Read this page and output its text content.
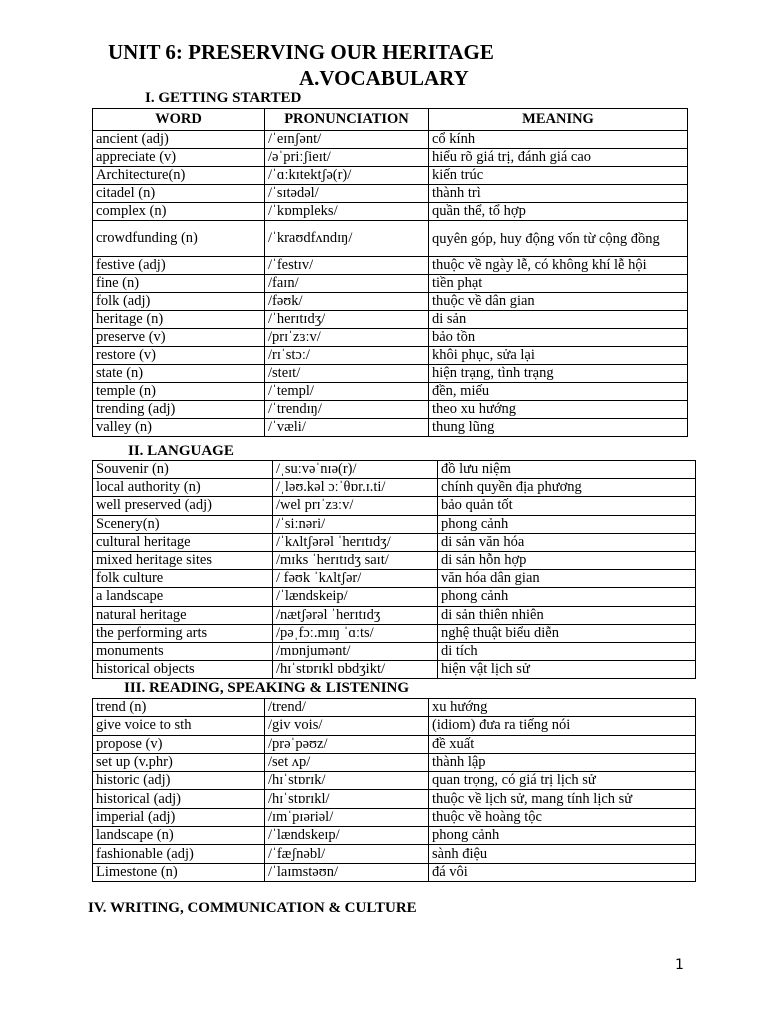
UNIT 6: PRESERVING OUR HERITAGE
A.VOCABULARY
I. GETTING STARTED
WORD	PRONUNCIATION	MEANING
ancient (adj)	/ˈeɪnʃənt/	cổ kính
appreciate (v)	/əˈpriːʃieɪt/	hiểu rõ giá trị, đánh giá cao
Architecture(n)	/ˈɑːkɪtektʃə(r)/	kiến trúc
citadel (n)	/ˈsɪtədəl/	thành trì
complex (n)	/ˈkɒmpleks/	quần thể, tổ hợp
crowdfunding (n)	/ˈkraʊdfʌndɪŋ/	quyên góp, huy động vốn từ cộng đồng
festive (adj)	/ˈfestɪv/	thuộc về ngày lễ, có không khí lễ hội
fine (n)	/faɪn/	tiền phạt
folk (adj)	/fəʊk/	thuộc về dân gian
heritage (n)	/ˈherɪtɪdʒ/	di sản
preserve (v)	/prɪˈzɜːv/	bảo tồn
restore (v)	/rɪˈstɔː/	khôi phục, sửa lại
state (n)	/steɪt/	hiện trạng, tình trạng
temple (n)	/ˈtempl/	đền, miếu
trending (adj)	/ˈtrendɪŋ/	theo xu hướng
valley (n)	/ˈvæli/	thung lũng
II. LANGUAGE
Souvenir (n)	/ˌsuːvəˈnɪə(r)/	đồ lưu niệm
local authority (n)	/ˌləʊ.kəl ɔːˈθɒr.ɪ.ti/	chính quyền địa phương
well preserved (adj)	/wel prɪˈzɜːv/	bảo quản tốt
Scenery(n)	/ˈsiːnəri/	phong cảnh
cultural heritage	/ˈkʌltʃərəl ˈherɪtɪdʒ/	di sản văn hóa
mixed heritage sites	/mɪks ˈherɪtɪdʒ saɪt/	di sản hỗn hợp
folk culture	/ fəʊk ˈkʌltʃər/	văn hóa dân gian
a landscape	/ˈlændskeip/	phong cảnh
natural heritage	/nætʃərəl ˈherɪtɪdʒ	di sản thiên nhiên
the performing arts	/pəˌfɔː.mɪŋ ˈɑːts/	nghệ thuật biểu diễn
monuments	/mɒnjumənt/	di tích
historical objects	/hɪˈstɒrɪkl ɒbdʒikt/	hiện vật lịch sử
III. READING, SPEAKING & LISTENING
trend (n)	/trend/	xu hướng
give voice to sth	/giv vois/	(idiom) đưa ra tiếng nói
propose (v)	/prəˈpəʊz/	đề xuất
set up (v.phr)	/set ʌp/	thành lập
historic (adj)	/hɪˈstɒrɪk/	quan trọng, có giá trị lịch sử
historical (adj)	/hɪˈstɒrɪkl/	thuộc về lịch sử, mang tính lịch sử
imperial (adj)	/ɪmˈpɪəriəl/	thuộc về hoàng tộc
landscape (n)	/ˈlændskeɪp/	phong cảnh
fashionable (adj)	/ˈfæʃnəbl/	sành điệu
Limestone (n)	/ˈlaɪmstəʊn/	đá vôi
IV. WRITING, COMMUNICATION & CULTURE
1
